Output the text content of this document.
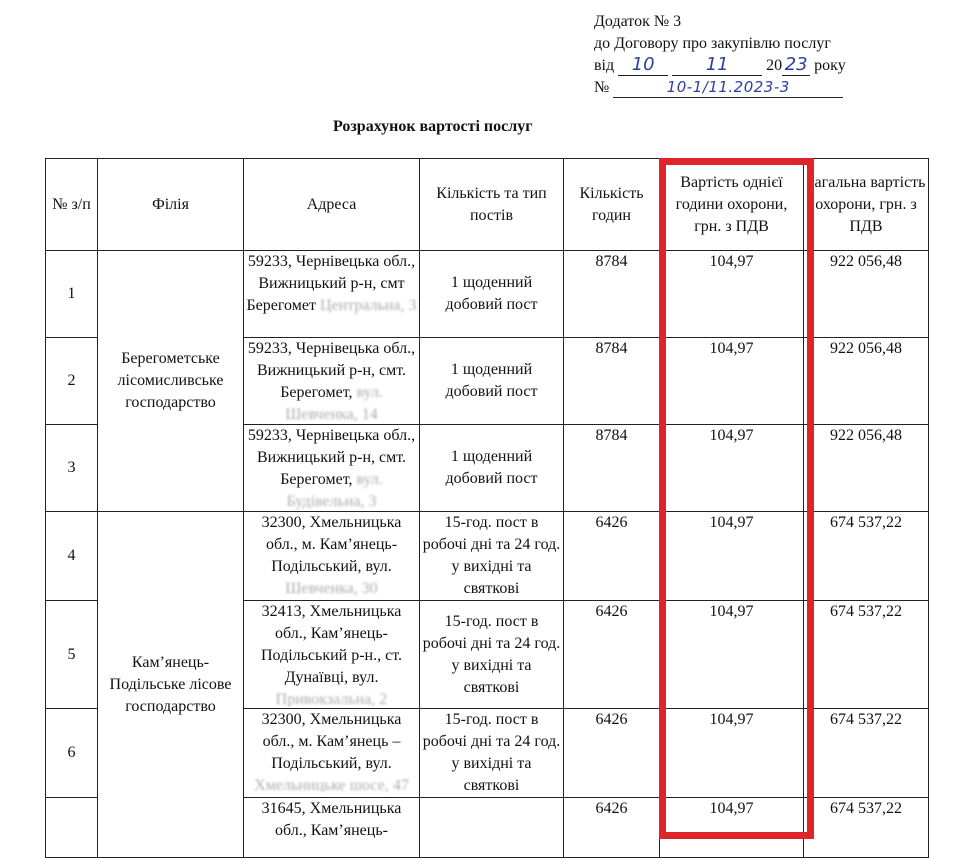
Додаток № 3
до Договору про закупівлю послуг
від 10	11 20 23 року
№	10-1/11.2023-3
Розрахунок вартості послуг
№ з/п	Філія	Адреса	Кількість та тип постів	Кількість годин	Вартість однієї години охорони, грн. з ПДВ	Загальна вартість охорони, грн. з ПДВ
1	Берегометське лісомисливське господарство	59233, Чернівецька обл., Вижницький р-н, смт Берегомет Центральна, 3	1 щоденний добовий пост	8784	104,97	922 056,48
2		59233, Чернівецька обл., Вижницький р-н, смт. Берегомет, вул. Шевченка, 14	1 щоденний добовий пост	8784	104,97	922 056,48
3		59233, Чернівецька обл., Вижницький р-н, смт. Берегомет, вул. Будівельна, 3	1 щоденний добовий пост	8784	104,97	922 056,48
4	Кам’янець-Подільське лісове господарство	32300, Хмельницька обл., м. Кам’янець-Подільський, вул. Шевченка, 30	15-год. пост в робочі дні та 24 год. у вихідні та святкові	6426	104,97	674 537,22
5		32413, Хмельницька обл., Кам’янець-Подільський р-н., ст. Дунаївці, вул. Привокзальна, 2	15-год. пост в робочі дні та 24 год. у вихідні та святкові	6426	104,97	674 537,22
6		32300, Хмельницька обл., м. Кам’янець – Подільський, вул. Хмельницьке шосе, 47	15-год. пост в робочі дні та 24 год. у вихідні та святкові	6426	104,97	674 537,22

		31645, Хмельницька обл., Кам’янець-		6426	104,97	674 537,22
